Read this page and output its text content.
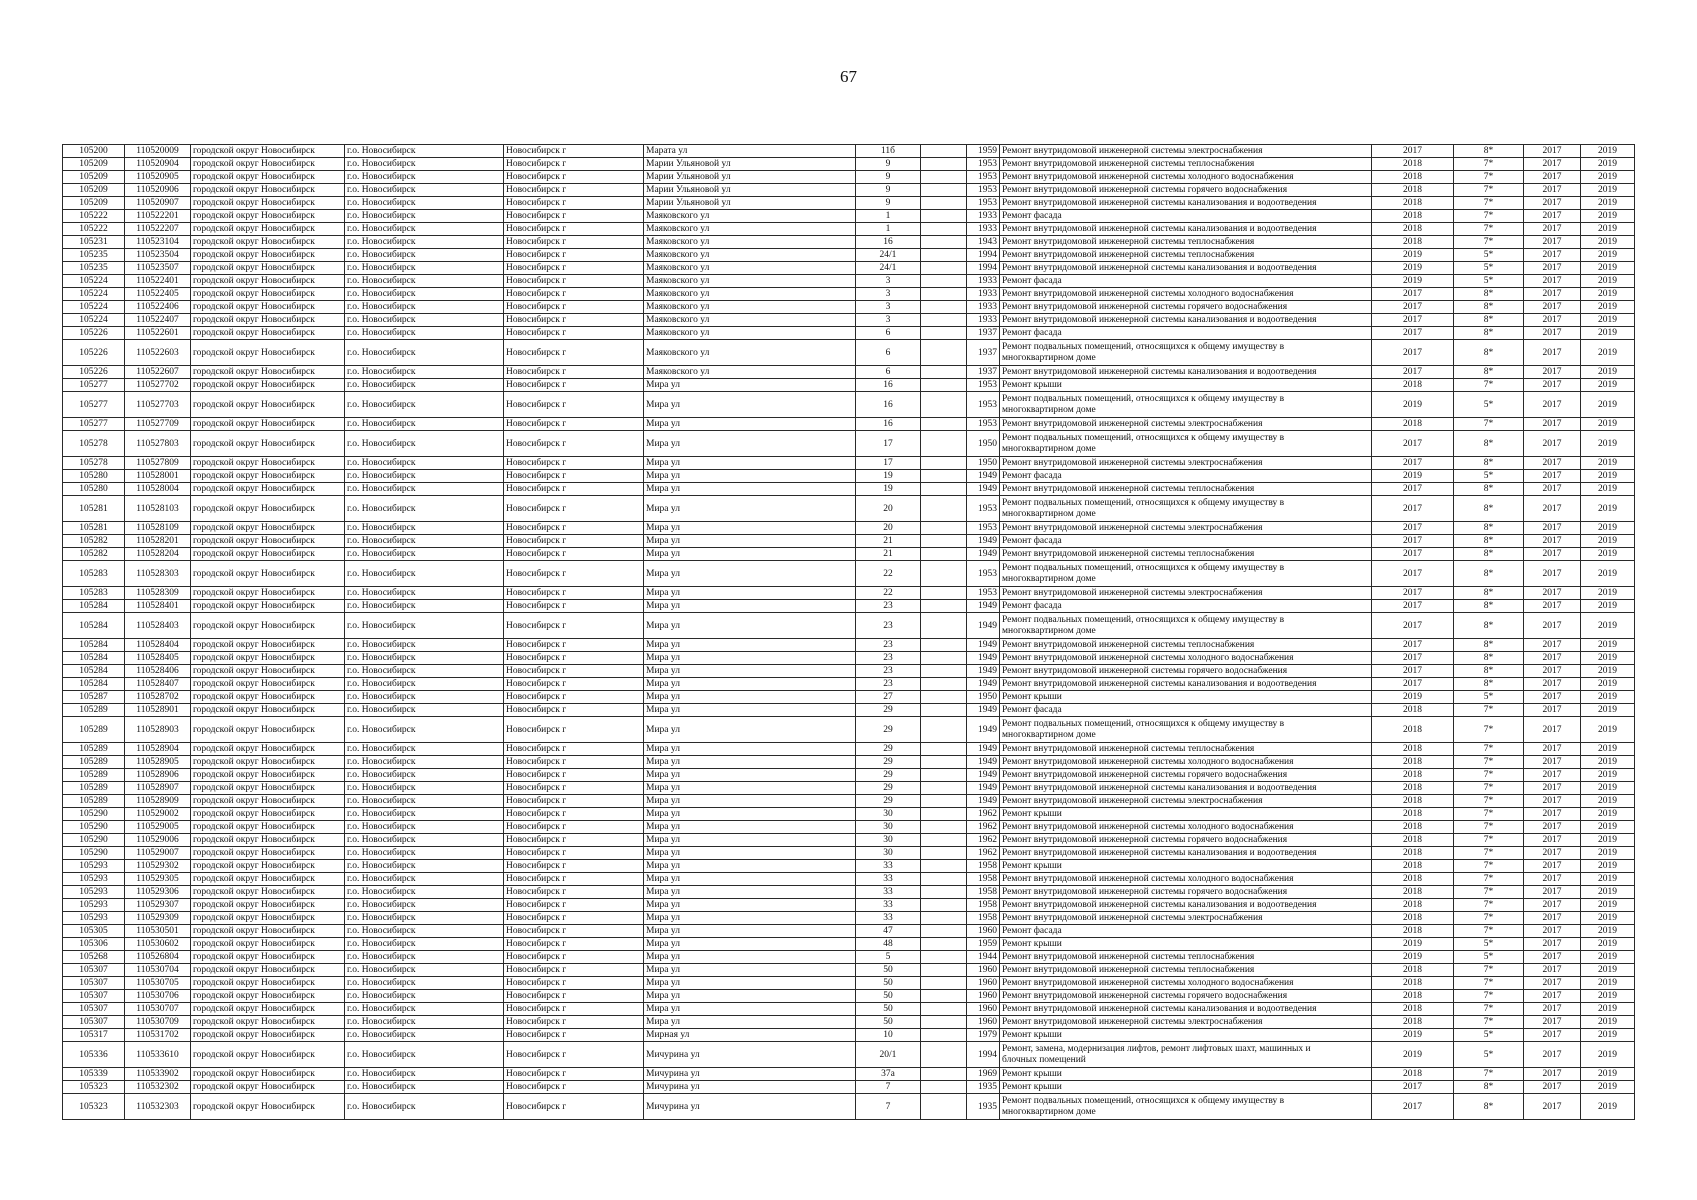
67
105200	110520009	городской округ Новосибирск	г.о. Новосибирск	Новосибирск г	Марата ул	11б		1959	Ремонт внутридомовой инженерной системы электроснабжения	2017	8*	2017	2019
105209	110520904	городской округ Новосибирск	г.о. Новосибирск	Новосибирск г	Марии Ульяновой ул	9		1953	Ремонт внутридомовой инженерной системы теплоснабжения	2018	7*	2017	2019
105209	110520905	городской округ Новосибирск	г.о. Новосибирск	Новосибирск г	Марии Ульяновой ул	9		1953	Ремонт внутридомовой инженерной системы холодного водоснабжения	2018	7*	2017	2019
105209	110520906	городской округ Новосибирск	г.о. Новосибирск	Новосибирск г	Марии Ульяновой ул	9		1953	Ремонт внутридомовой инженерной системы горячего водоснабжения	2018	7*	2017	2019
105209	110520907	городской округ Новосибирск	г.о. Новосибирск	Новосибирск г	Марии Ульяновой ул	9		1953	Ремонт внутридомовой инженерной системы канализования и водоотведения	2018	7*	2017	2019
105222	110522201	городской округ Новосибирск	г.о. Новосибирск	Новосибирск г	Маяковского ул	1		1933	Ремонт фасада	2018	7*	2017	2019
105222	110522207	городской округ Новосибирск	г.о. Новосибирск	Новосибирск г	Маяковского ул	1		1933	Ремонт внутридомовой инженерной системы канализования и водоотведения	2018	7*	2017	2019
105231	110523104	городской округ Новосибирск	г.о. Новосибирск	Новосибирск г	Маяковского ул	16		1943	Ремонт внутридомовой инженерной системы теплоснабжения	2018	7*	2017	2019
105235	110523504	городской округ Новосибирск	г.о. Новосибирск	Новосибирск г	Маяковского ул	24/1		1994	Ремонт внутридомовой инженерной системы теплоснабжения	2019	5*	2017	2019
105235	110523507	городской округ Новосибирск	г.о. Новосибирск	Новосибирск г	Маяковского ул	24/1		1994	Ремонт внутридомовой инженерной системы канализования и водоотведения	2019	5*	2017	2019
105224	110522401	городской округ Новосибирск	г.о. Новосибирск	Новосибирск г	Маяковского ул	3		1933	Ремонт фасада	2019	5*	2017	2019
105224	110522405	городской округ Новосибирск	г.о. Новосибирск	Новосибирск г	Маяковского ул	3		1933	Ремонт внутридомовой инженерной системы холодного водоснабжения	2017	8*	2017	2019
105224	110522406	городской округ Новосибирск	г.о. Новосибирск	Новосибирск г	Маяковского ул	3		1933	Ремонт внутридомовой инженерной системы горячего водоснабжения	2017	8*	2017	2019
105224	110522407	городской округ Новосибирск	г.о. Новосибирск	Новосибирск г	Маяковского ул	3		1933	Ремонт внутридомовой инженерной системы канализования и водоотведения	2017	8*	2017	2019
105226	110522601	городской округ Новосибирск	г.о. Новосибирск	Новосибирск г	Маяковского ул	6		1937	Ремонт фасада	2017	8*	2017	2019
105226	110522603	городской округ Новосибирск	г.о. Новосибирск	Новосибирск г	Маяковского ул	6		1937	Ремонт подвальных помещений, относящихся к общему имуществу в многоквартирном доме	2017	8*	2017	2019
105226	110522607	городской округ Новосибирск	г.о. Новосибирск	Новосибирск г	Маяковского ул	6		1937	Ремонт внутридомовой инженерной системы канализования и водоотведения	2017	8*	2017	2019
105277	110527702	городской округ Новосибирск	г.о. Новосибирск	Новосибирск г	Мира ул	16		1953	Ремонт крыши	2018	7*	2017	2019
105277	110527703	городской округ Новосибирск	г.о. Новосибирск	Новосибирск г	Мира ул	16		1953	Ремонт подвальных помещений, относящихся к общему имуществу в многоквартирном доме	2019	5*	2017	2019
105277	110527709	городской округ Новосибирск	г.о. Новосибирск	Новосибирск г	Мира ул	16		1953	Ремонт внутридомовой инженерной системы электроснабжения	2018	7*	2017	2019
105278	110527803	городской округ Новосибирск	г.о. Новосибирск	Новосибирск г	Мира ул	17		1950	Ремонт подвальных помещений, относящихся к общему имуществу в многоквартирном доме	2017	8*	2017	2019
105278	110527809	городской округ Новосибирск	г.о. Новосибирск	Новосибирск г	Мира ул	17		1950	Ремонт внутридомовой инженерной системы электроснабжения	2017	8*	2017	2019
105280	110528001	городской округ Новосибирск	г.о. Новосибирск	Новосибирск г	Мира ул	19		1949	Ремонт фасада	2019	5*	2017	2019
105280	110528004	городской округ Новосибирск	г.о. Новосибирск	Новосибирск г	Мира ул	19		1949	Ремонт внутридомовой инженерной системы теплоснабжения	2017	8*	2017	2019
105281	110528103	городской округ Новосибирск	г.о. Новосибирск	Новосибирск г	Мира ул	20		1953	Ремонт подвальных помещений, относящихся к общему имуществу в многоквартирном доме	2017	8*	2017	2019
105281	110528109	городской округ Новосибирск	г.о. Новосибирск	Новосибирск г	Мира ул	20		1953	Ремонт внутридомовой инженерной системы электроснабжения	2017	8*	2017	2019
105282	110528201	городской округ Новосибирск	г.о. Новосибирск	Новосибирск г	Мира ул	21		1949	Ремонт фасада	2017	8*	2017	2019
105282	110528204	городской округ Новосибирск	г.о. Новосибирск	Новосибирск г	Мира ул	21		1949	Ремонт внутридомовой инженерной системы теплоснабжения	2017	8*	2017	2019
105283	110528303	городской округ Новосибирск	г.о. Новосибирск	Новосибирск г	Мира ул	22		1953	Ремонт подвальных помещений, относящихся к общему имуществу в многоквартирном доме	2017	8*	2017	2019
105283	110528309	городской округ Новосибирск	г.о. Новосибирск	Новосибирск г	Мира ул	22		1953	Ремонт внутридомовой инженерной системы электроснабжения	2017	8*	2017	2019
105284	110528401	городской округ Новосибирск	г.о. Новосибирск	Новосибирск г	Мира ул	23		1949	Ремонт фасада	2017	8*	2017	2019
105284	110528403	городской округ Новосибирск	г.о. Новосибирск	Новосибирск г	Мира ул	23		1949	Ремонт подвальных помещений, относящихся к общему имуществу в многоквартирном доме	2017	8*	2017	2019
105284	110528404	городской округ Новосибирск	г.о. Новосибирск	Новосибирск г	Мира ул	23		1949	Ремонт внутридомовой инженерной системы теплоснабжения	2017	8*	2017	2019
105284	110528405	городской округ Новосибирск	г.о. Новосибирск	Новосибирск г	Мира ул	23		1949	Ремонт внутридомовой инженерной системы холодного водоснабжения	2017	8*	2017	2019
105284	110528406	городской округ Новосибирск	г.о. Новосибирск	Новосибирск г	Мира ул	23		1949	Ремонт внутридомовой инженерной системы горячего водоснабжения	2017	8*	2017	2019
105284	110528407	городской округ Новосибирск	г.о. Новосибирск	Новосибирск г	Мира ул	23		1949	Ремонт внутридомовой инженерной системы канализования и водоотведения	2017	8*	2017	2019
105287	110528702	городской округ Новосибирск	г.о. Новосибирск	Новосибирск г	Мира ул	27		1950	Ремонт крыши	2019	5*	2017	2019
105289	110528901	городской округ Новосибирск	г.о. Новосибирск	Новосибирск г	Мира ул	29		1949	Ремонт фасада	2018	7*	2017	2019
105289	110528903	городской округ Новосибирск	г.о. Новосибирск	Новосибирск г	Мира ул	29		1949	Ремонт подвальных помещений, относящихся к общему имуществу в многоквартирном доме	2018	7*	2017	2019
105289	110528904	городской округ Новосибирск	г.о. Новосибирск	Новосибирск г	Мира ул	29		1949	Ремонт внутридомовой инженерной системы теплоснабжения	2018	7*	2017	2019
105289	110528905	городской округ Новосибирск	г.о. Новосибирск	Новосибирск г	Мира ул	29		1949	Ремонт внутридомовой инженерной системы холодного водоснабжения	2018	7*	2017	2019
105289	110528906	городской округ Новосибирск	г.о. Новосибирск	Новосибирск г	Мира ул	29		1949	Ремонт внутридомовой инженерной системы горячего водоснабжения	2018	7*	2017	2019
105289	110528907	городской округ Новосибирск	г.о. Новосибирск	Новосибирск г	Мира ул	29		1949	Ремонт внутридомовой инженерной системы канализования и водоотведения	2018	7*	2017	2019
105289	110528909	городской округ Новосибирск	г.о. Новосибирск	Новосибирск г	Мира ул	29		1949	Ремонт внутридомовой инженерной системы электроснабжения	2018	7*	2017	2019
105290	110529002	городской округ Новосибирск	г.о. Новосибирск	Новосибирск г	Мира ул	30		1962	Ремонт крыши	2018	7*	2017	2019
105290	110529005	городской округ Новосибирск	г.о. Новосибирск	Новосибирск г	Мира ул	30		1962	Ремонт внутридомовой инженерной системы холодного водоснабжения	2018	7*	2017	2019
105290	110529006	городской округ Новосибирск	г.о. Новосибирск	Новосибирск г	Мира ул	30		1962	Ремонт внутридомовой инженерной системы горячего водоснабжения	2018	7*	2017	2019
105290	110529007	городской округ Новосибирск	г.о. Новосибирск	Новосибирск г	Мира ул	30		1962	Ремонт внутридомовой инженерной системы канализования и водоотведения	2018	7*	2017	2019
105293	110529302	городской округ Новосибирск	г.о. Новосибирск	Новосибирск г	Мира ул	33		1958	Ремонт крыши	2018	7*	2017	2019
105293	110529305	городской округ Новосибирск	г.о. Новосибирск	Новосибирск г	Мира ул	33		1958	Ремонт внутридомовой инженерной системы холодного водоснабжения	2018	7*	2017	2019
105293	110529306	городской округ Новосибирск	г.о. Новосибирск	Новосибирск г	Мира ул	33		1958	Ремонт внутридомовой инженерной системы горячего водоснабжения	2018	7*	2017	2019
105293	110529307	городской округ Новосибирск	г.о. Новосибирск	Новосибирск г	Мира ул	33		1958	Ремонт внутридомовой инженерной системы канализования и водоотведения	2018	7*	2017	2019
105293	110529309	городской округ Новосибирск	г.о. Новосибирск	Новосибирск г	Мира ул	33		1958	Ремонт внутридомовой инженерной системы электроснабжения	2018	7*	2017	2019
105305	110530501	городской округ Новосибирск	г.о. Новосибирск	Новосибирск г	Мира ул	47		1960	Ремонт фасада	2018	7*	2017	2019
105306	110530602	городской округ Новосибирск	г.о. Новосибирск	Новосибирск г	Мира ул	48		1959	Ремонт крыши	2019	5*	2017	2019
105268	110526804	городской округ Новосибирск	г.о. Новосибирск	Новосибирск г	Мира ул	5		1944	Ремонт внутридомовой инженерной системы теплоснабжения	2019	5*	2017	2019
105307	110530704	городской округ Новосибирск	г.о. Новосибирск	Новосибирск г	Мира ул	50		1960	Ремонт внутридомовой инженерной системы теплоснабжения	2018	7*	2017	2019
105307	110530705	городской округ Новосибирск	г.о. Новосибирск	Новосибирск г	Мира ул	50		1960	Ремонт внутридомовой инженерной системы холодного водоснабжения	2018	7*	2017	2019
105307	110530706	городской округ Новосибирск	г.о. Новосибирск	Новосибирск г	Мира ул	50		1960	Ремонт внутридомовой инженерной системы горячего водоснабжения	2018	7*	2017	2019
105307	110530707	городской округ Новосибирск	г.о. Новосибирск	Новосибирск г	Мира ул	50		1960	Ремонт внутридомовой инженерной системы канализования и водоотведения	2018	7*	2017	2019
105307	110530709	городской округ Новосибирск	г.о. Новосибирск	Новосибирск г	Мира ул	50		1960	Ремонт внутридомовой инженерной системы электроснабжения	2018	7*	2017	2019
105317	110531702	городской округ Новосибирск	г.о. Новосибирск	Новосибирск г	Мирная ул	10		1979	Ремонт крыши	2019	5*	2017	2019
105336	110533610	городской округ Новосибирск	г.о. Новосибирск	Новосибирск г	Мичурина ул	20/1		1994	Ремонт, замена, модернизация лифтов, ремонт лифтовых шахт, машинных и блочных помещений	2019	5*	2017	2019
105339	110533902	городской округ Новосибирск	г.о. Новосибирск	Новосибирск г	Мичурина ул	37а		1969	Ремонт крыши	2018	7*	2017	2019
105323	110532302	городской округ Новосибирск	г.о. Новосибирск	Новосибирск г	Мичурина ул	7		1935	Ремонт крыши	2017	8*	2017	2019
105323	110532303	городской округ Новосибирск	г.о. Новосибирск	Новосибирск г	Мичурина ул	7		1935	Ремонт подвальных помещений, относящихся к общему имуществу в многоквартирном доме	2017	8*	2017	2019
